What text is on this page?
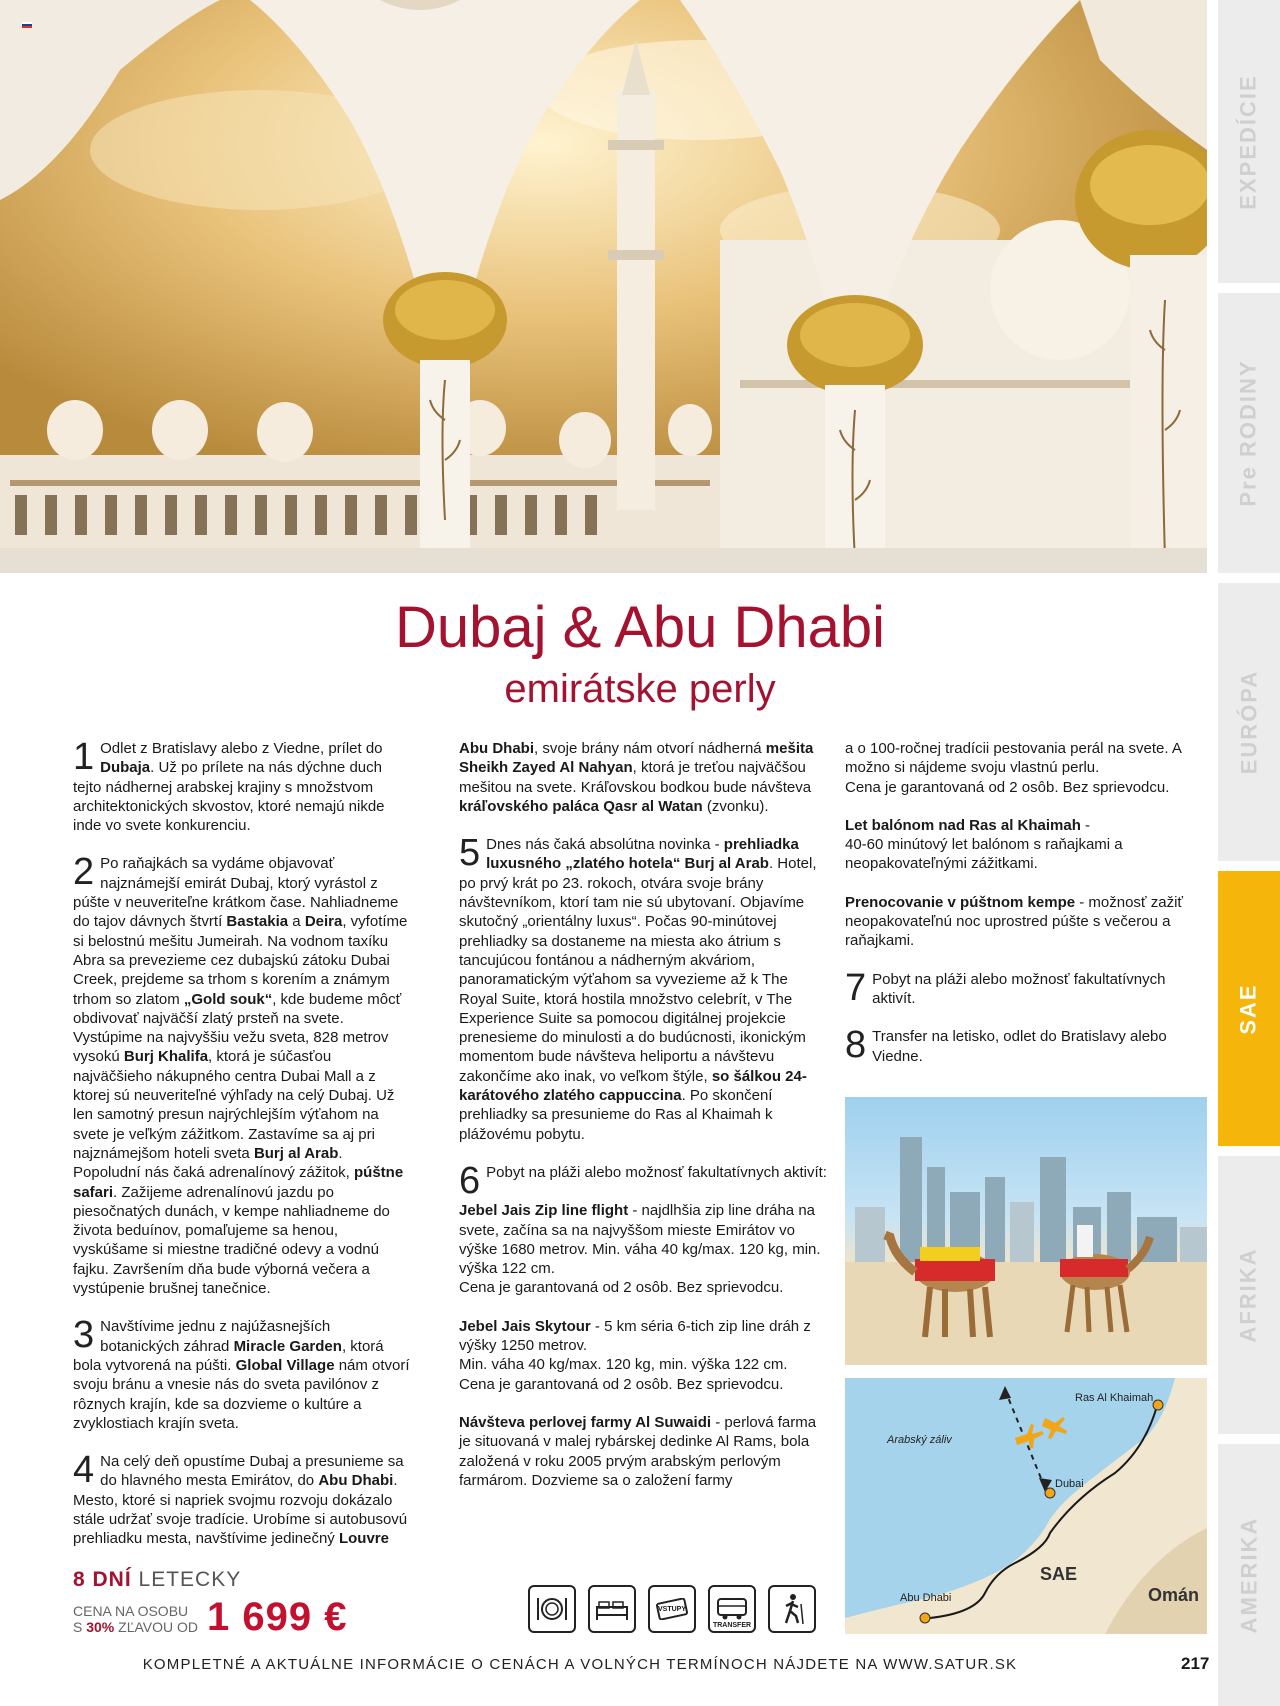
EXPEDÍCIE
Pre RODINY
EURÓPA
SAE
AFRIKA
AMERIKA
Dubaj & Abu Dhabi
emirátske perly

1 Odlet z Bratislavy alebo z Viedne, prílet do Dubaja. Už po prílete na nás dýchne duch tejto nádhernej arabskej krajiny s množstvom architektonických skvostov, ktoré nemajú nikde inde vo svete konkurenciu.

2 Po raňajkách sa vydáme objavovať najznámejší emirát Dubaj, ktorý vyrástol z púšte v neuveriteľne krátkom čase. Nahliadneme do tajov dávnych štvrtí Bastakia a Deira, vyfotíme si belostnú mešitu Jumeirah. Na vodnom taxíku Abra sa prevezieme cez dubajskú zátoku Dubai Creek, prejdeme sa trhom s korením a známym trhom so zlatom „Gold souk“, kde budeme môcť obdivovať najväčší zlatý prsteň na svete. Vystúpime na najvyššiu vežu sveta, 828 metrov vysokú Burj Khalifa, ktorá je súčasťou najväčšieho nákupného centra Dubai Mall a z ktorej sú neuveriteľné výhľady na celý Dubaj. Už len samotný presun najrýchlejším výťahom na svete je veľkým zážitkom. Zastavíme sa aj pri najznámejšom hoteli sveta Burj al Arab. Popoludní nás čaká adrenalínový zážitok, púštne safari. Zažijeme adrenalínovú jazdu po piesočnatých dunách, v kempe nahliadneme do života beduínov, pomaľujeme sa henou, vyskúšame si miestne tradičné odevy a vodnú fajku. Završením dňa bude výborná večera a vystúpenie brušnej tanečnice.

3 Navštívime jednu z najúžasnejších botanických záhrad Miracle Garden, ktorá bola vytvorená na púšti. Global Village nám otvorí svoju bránu a vnesie nás do sveta pavilónov z rôznych krajín, kde sa dozvieme o kultúre a zvyklostiach krajín sveta.

4 Na celý deň opustíme Dubaj a presunieme sa do hlavného mesta Emirátov, do Abu Dhabi. Mesto, ktoré si napriek svojmu rozvoju dokázalo stále udržať svoje tradície. Urobíme si autobusovú prehliadku mesta, navštívime jedinečný Louvre

Abu Dhabi, svoje brány nám otvorí nádherná mešita Sheikh Zayed Al Nahyan, ktorá je treťou najväčšou mešitou na svete. Kráľovskou bodkou bude návšteva kráľovského paláca Qasr al Watan (zvonku).

5 Dnes nás čaká absolútna novinka - prehliadka luxusného „zlatého hotela“ Burj al Arab. Hotel, po prvý krát po 23. rokoch, otvára svoje brány návštevníkom, ktorí tam nie sú ubytovaní. Objavíme skutočný „orientálny luxus“. Počas 90-minútovej prehliadky sa dostaneme na miesta ako átrium s tancujúcou fontánou a nádherným akváriom, panoramatickým výťahom sa vyvezieme až k The Royal Suite, ktorá hostila množstvo celebrít, v The Experience Suite sa pomocou digitálnej projekcie prenesieme do minulosti a do budúcnosti, ikonickým momentom bude návšteva heliportu a návštevu zakončíme ako inak, vo veľkom štýle, so šálkou 24-karátového zlatého cappuccina. Po skončení prehliadky sa presunieme do Ras al Khaimah k plážovému pobytu.

6 Pobyt na pláži alebo možnosť fakultatívnych aktivít:

Jebel Jais Zip line flight - najdlhšia zip line dráha na svete, začína sa na najvyššom mieste Emirátov vo výške 1680 metrov. Min. váha 40 kg/max. 120 kg, min. výška 122 cm.
Cena je garantovaná od 2 osôb. Bez sprievodcu.

Jebel Jais Skytour - 5 km séria 6-tich zip line dráh z výšky 1250 metrov.
Min. váha 40 kg/max. 120 kg, min. výška 122 cm.
Cena je garantovaná od 2 osôb. Bez sprievodcu.

Návšteva perlovej farmy Al Suwaidi - perlová farma je situovaná v malej rybárskej dedinke Al Rams, bola založená v roku 2005 prvým arabským perlovým farmárom. Dozvieme sa o založení farmy

a o 100-ročnej tradícii pestovania perál na svete. A možno si nájdeme svoju vlastnú perlu.
Cena je garantovaná od 2 osôb. Bez sprievodcu.

Let balónom nad Ras al Khaimah -
40-60 minútový let balónom s raňajkami a neopakovateľnými zážitkami.

Prenocovanie v púštnom kempe - možnosť zažiť neopakovateľnú noc uprostred púšte s večerou a raňajkami.

7 Pobyt na pláži alebo možnosť fakultatívnych aktivít.

8 Transfer na letisko, odlet do Bratislavy alebo Viedne.

Ras Al Khaimah
Arabský záliv
Dubai
SAE
Omán
Abu Dhabi
8 DNÍ LETECKY
CENA NA OSOBU
S 30% ZĽAVOU OD 1 699 €	VSTUPY
TRANSFER
KOMPLETNÉ A AKTUÁLNE INFORMÁCIE O CENÁCH A VOLNÝCH TERMÍNOCH NÁJDETE NA WWW.SATUR.SK	217
